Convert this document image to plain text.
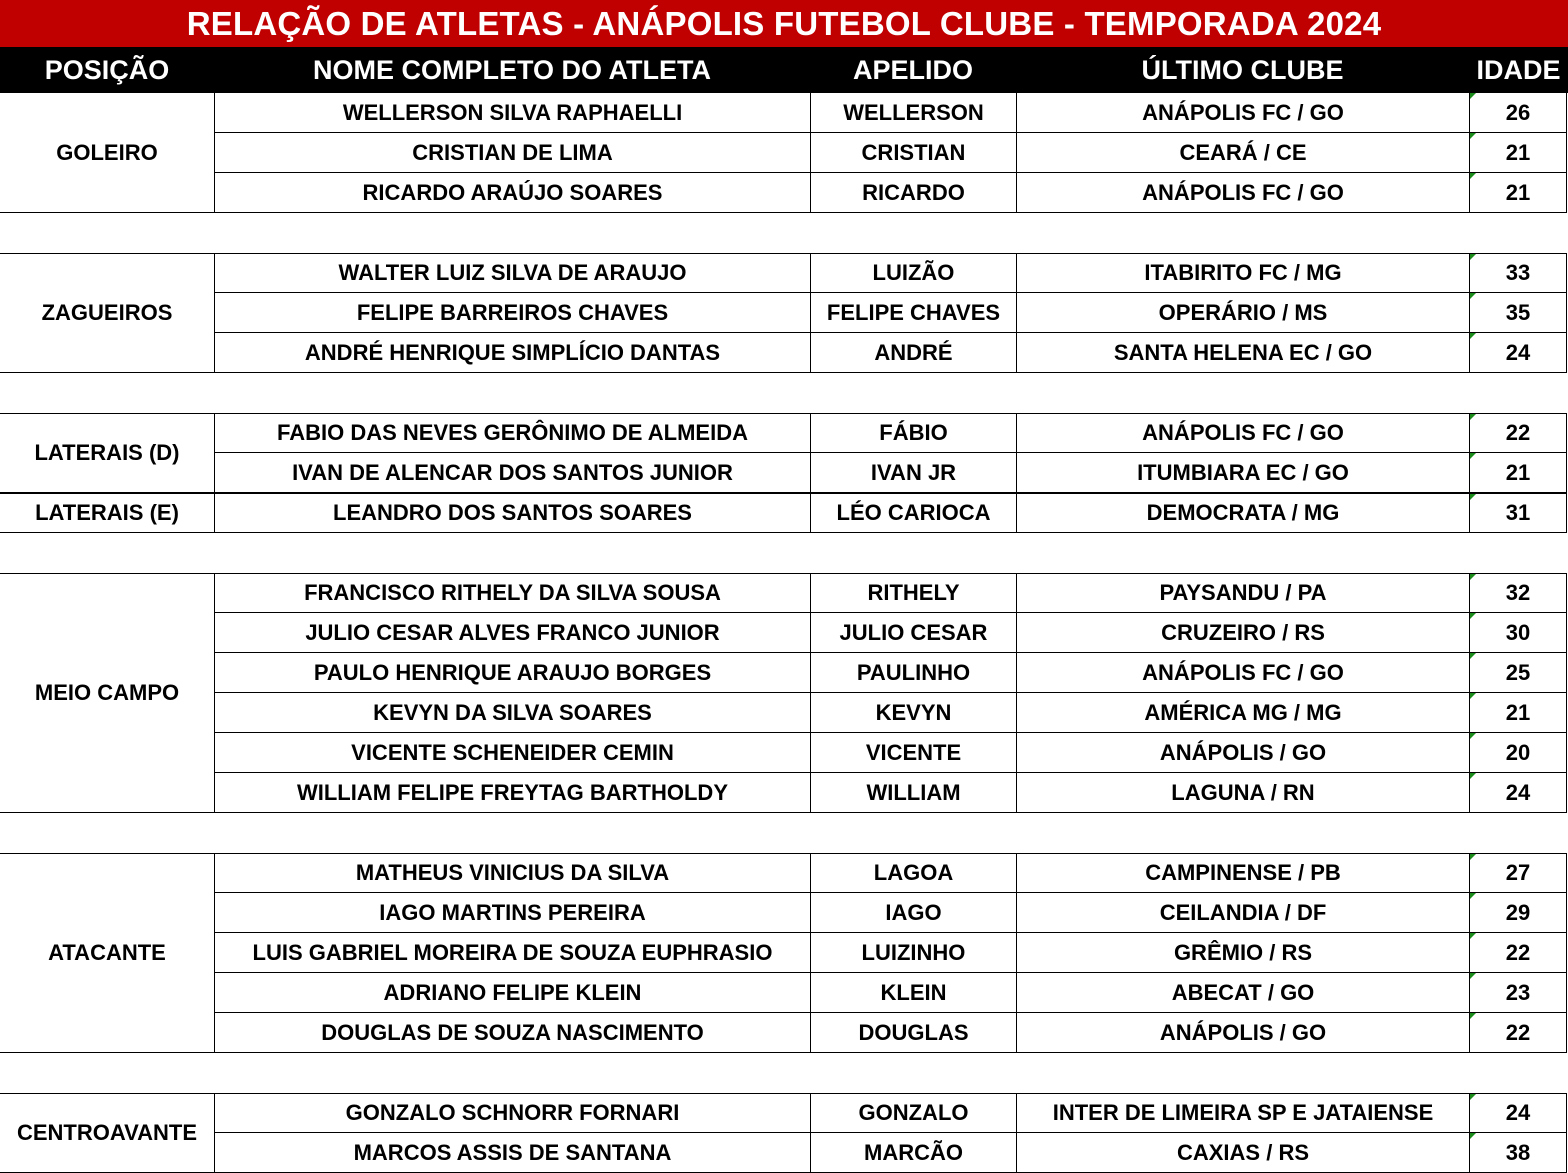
RELAÇÃO DE ATLETAS - ANÁPOLIS FUTEBOL CLUBE - TEMPORADA 2024
POSIÇÃO	NOME COMPLETO DO ATLETA	APELIDO	ÚLTIMO CLUBE	IDADE
GOLEIRO
WELLERSON SILVA RAPHAELLI	WELLERSON	ANÁPOLIS FC / GO	26
CRISTIAN DE LIMA	CRISTIAN	CEARÁ / CE	21
RICARDO ARAÚJO SOARES	RICARDO	ANÁPOLIS FC / GO	21
ZAGUEIROS
WALTER LUIZ SILVA DE ARAUJO	LUIZÃO	ITABIRITO FC / MG	33
FELIPE BARREIROS CHAVES	FELIPE CHAVES	OPERÁRIO / MS	35
ANDRÉ HENRIQUE SIMPLÍCIO DANTAS	ANDRÉ	SANTA HELENA EC / GO	24
LATERAIS (D)
FABIO DAS NEVES GERÔNIMO DE ALMEIDA	FÁBIO	ANÁPOLIS FC / GO	22
IVAN DE ALENCAR DOS SANTOS JUNIOR	IVAN JR	ITUMBIARA EC / GO	21
LATERAIS (E)	LEANDRO DOS SANTOS SOARES	LÉO CARIOCA	DEMOCRATA / MG	31
MEIO CAMPO
FRANCISCO RITHELY DA SILVA SOUSA	RITHELY	PAYSANDU / PA	32
JULIO CESAR ALVES FRANCO JUNIOR	JULIO CESAR	CRUZEIRO / RS	30
PAULO HENRIQUE ARAUJO BORGES	PAULINHO	ANÁPOLIS FC / GO	25
KEVYN DA SILVA SOARES	KEVYN	AMÉRICA MG / MG	21
VICENTE SCHENEIDER CEMIN	VICENTE	ANÁPOLIS / GO	20
WILLIAM FELIPE FREYTAG BARTHOLDY	WILLIAM	LAGUNA / RN	24
ATACANTE
MATHEUS VINICIUS DA SILVA	LAGOA	CAMPINENSE / PB	27
IAGO MARTINS PEREIRA	IAGO	CEILANDIA / DF	29
LUIS GABRIEL MOREIRA DE SOUZA EUPHRASIO	LUIZINHO	GRÊMIO / RS	22
ADRIANO FELIPE KLEIN	KLEIN	ABECAT / GO	23
DOUGLAS DE SOUZA NASCIMENTO	DOUGLAS	ANÁPOLIS / GO	22
CENTROAVANTE
GONZALO SCHNORR FORNARI	GONZALO	INTER DE LIMEIRA SP E JATAIENSE	24
MARCOS ASSIS DE SANTANA	MARCÃO	CAXIAS / RS	38
